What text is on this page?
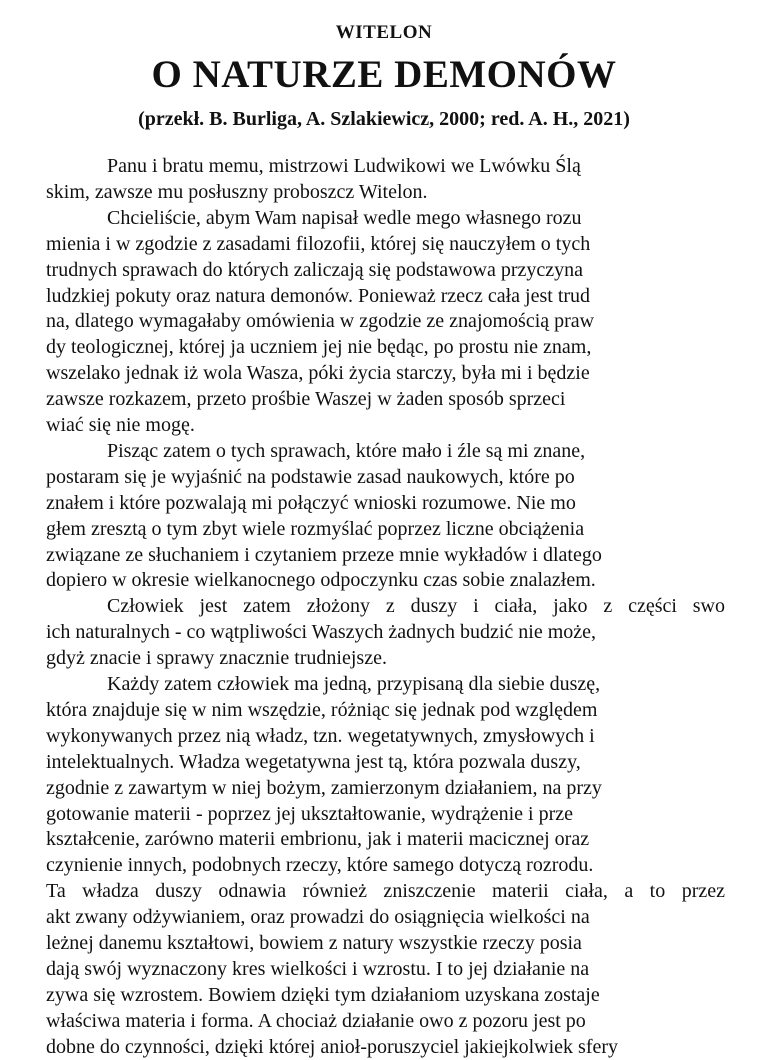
WITELON
O NATURZE DEMONÓW
(przekł. B. Burliga, A. Szlakiewicz, 2000; red. A. H., 2021)
Panu i bratu memu, mistrzowi Ludwikowi we Lwówku Ślą
skim, zawsze mu posłuszny proboszcz Witelon.
Chcieliście, abym Wam napisał wedle mego własnego rozu
mienia i w zgodzie z zasadami filozofii, której się nauczyłem o tych
trudnych sprawach do których zaliczają się podstawowa przyczyna
ludzkiej pokuty oraz natura demonów. Ponieważ rzecz cała jest trud
na, dlatego wymagałaby omówienia w zgodzie ze znajomością praw
dy teologicznej, której ja uczniem jej nie będąc, po prostu nie znam,
wszelako jednak iż wola Wasza, póki życia starczy, była mi i będzie
zawsze rozkazem, przeto prośbie Waszej w żaden sposób sprzeci
wiać się nie mogę.
Pisząc zatem o tych sprawach, które mało i źle są mi znane,
postaram się je wyjaśnić na podstawie zasad naukowych, które po
znałem i które pozwalają mi połączyć wnioski rozumowe. Nie mo
głem zresztą o tym zbyt wiele rozmyślać poprzez liczne obciążenia
związane ze słuchaniem i czytaniem przeze mnie wykładów i dlatego
dopiero w okresie wielkanocnego odpoczynku czas sobie znalazłem.
Człowiek jest zatem złożony z duszy i ciała, jako z części swo
ich naturalnych - co wątpliwości Waszych żadnych budzić nie może,
gdyż znacie i sprawy znacznie trudniejsze.
Każdy zatem człowiek ma jedną, przypisaną dla siebie duszę,
która znajduje się w nim wszędzie, różniąc się jednak pod względem
wykonywanych przez nią władz, tzn. wegetatywnych, zmysłowych i
intelektualnych. Władza wegetatywna jest tą, która pozwala duszy,
zgodnie z zawartym w niej bożym, zamierzonym działaniem, na przy
gotowanie materii - poprzez jej ukształtowanie, wydrążenie i prze
kształcenie, zarówno materii embrionu, jak i materii macicznej oraz
czynienie innych, podobnych rzeczy, które samego dotyczą rozrodu.
Ta władza duszy odnawia również zniszczenie materii ciała, a to przez
akt zwany odżywianiem, oraz prowadzi do osiągnięcia wielkości na
leżnej danemu kształtowi, bowiem z natury wszystkie rzeczy posia
dają swój wyznaczony kres wielkości i wzrostu. I to jej działanie na
zywa się wzrostem. Bowiem dzięki tym działaniom uzyskana zostaje
właściwa materia i forma. A chociaż działanie owo z pozoru jest po
dobne do czynności, dzięki której anioł-poruszyciel jakiejkolwiek sfery
